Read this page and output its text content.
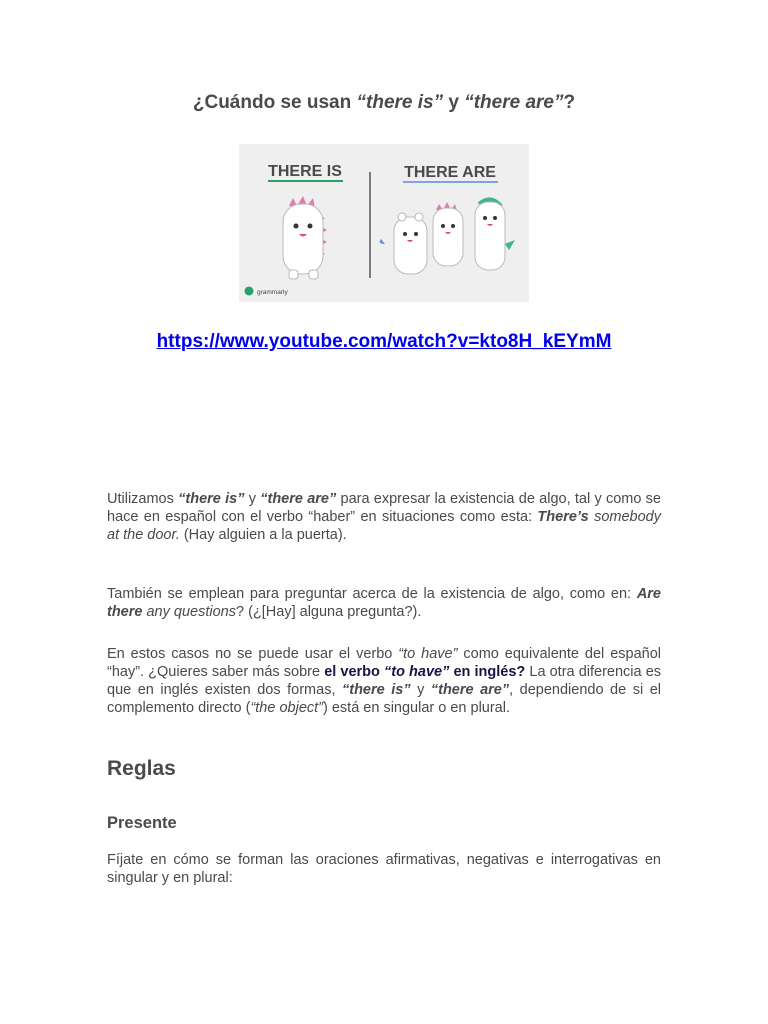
¿Cuándo se usan “there is” y “there are”?
THERE IS	THERE ARE
grammarly
https://www.youtube.com/watch?v=kto8H_kEYmM
Utilizamos “there is” y “there are” para expresar la existencia de algo, tal y como se hace en español con el verbo “haber” en situaciones como esta: There’s somebody at the door. (Hay alguien a la puerta).
También se emplean para preguntar acerca de la existencia de algo, como en: Are there any questions? (¿[Hay] alguna pregunta?).
En estos casos no se puede usar el verbo “to have” como equivalente del español “hay”. ¿Quieres saber más sobre el verbo “to have” en inglés? La otra diferencia es que en inglés existen dos formas, “there is” y “there are”, dependiendo de si el complemento directo (“the object”) está en singular o en plural.
Reglas
Presente
Fíjate en cómo se forman las oraciones afirmativas, negativas e interrogativas en singular y en plural:
